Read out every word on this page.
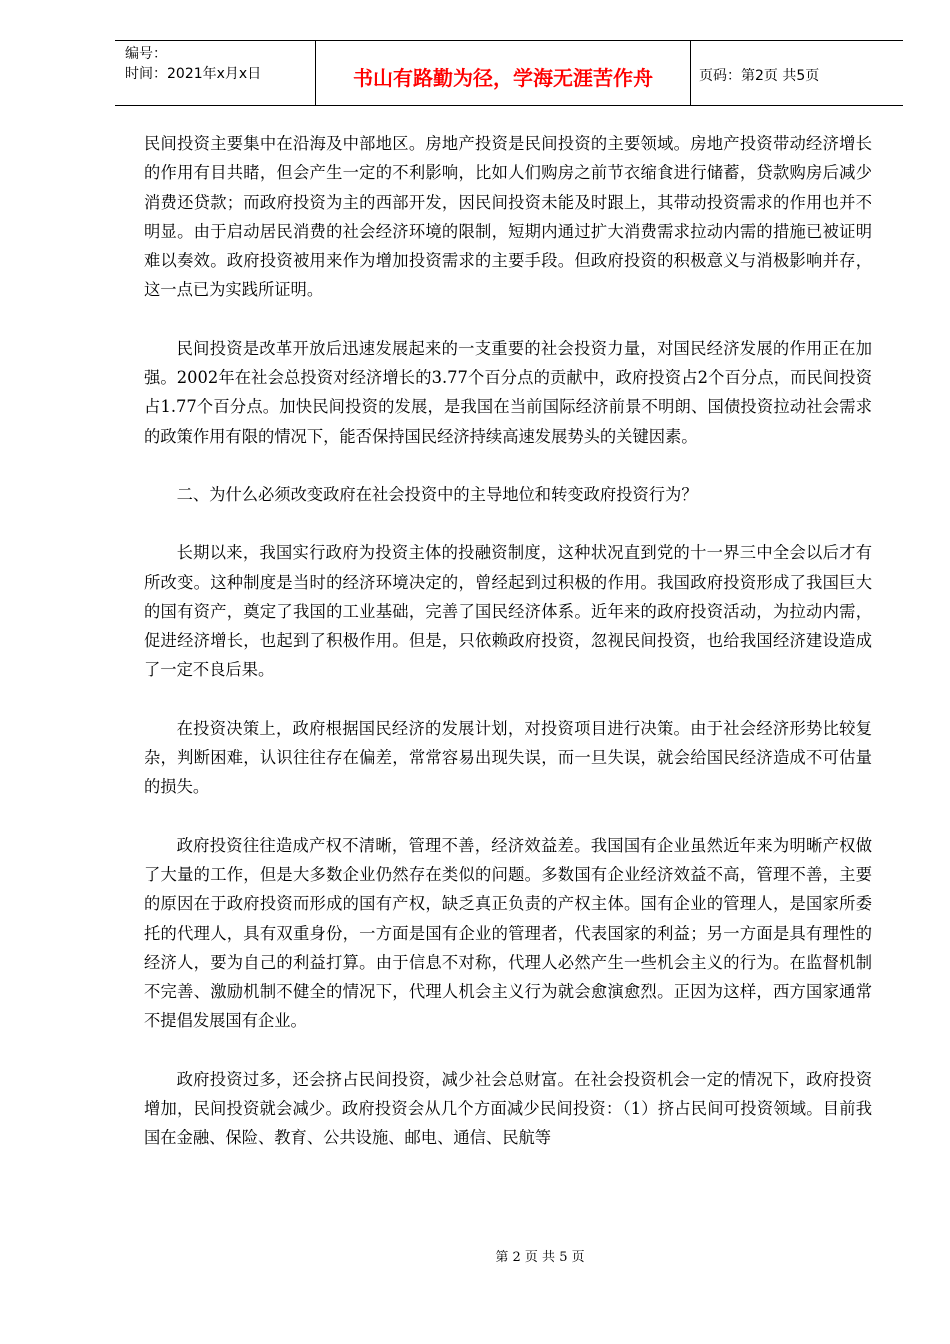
编号：
时间：2021年x月x日	书山有路勤为径，学海无涯苦作舟	页码：第2页 共5页

民间投资主要集中在沿海及中部地区。房地产投资是民间投资的主要领域。房地产投资带动经济增长的作用有目共睹，但会产生一定的不利影响，比如人们购房之前节衣缩食进行储蓄，贷款购房后减少消费还贷款；而政府投资为主的西部开发，因民间投资未能及时跟上，其带动投资需求的作用也并不明显。由于启动居民消费的社会经济环境的限制，短期内通过扩大消费需求拉动内需的措施已被证明难以奏效。政府投资被用来作为增加投资需求的主要手段。但政府投资的积极意义与消极影响并存，这一点已为实践所证明。

民间投资是改革开放后迅速发展起来的一支重要的社会投资力量，对国民经济发展的作用正在加强。2002年在社会总投资对经济增长的3.77个百分点的贡献中，政府投资占2个百分点，而民间投资占1.77个百分点。加快民间投资的发展，是我国在当前国际经济前景不明朗、国债投资拉动社会需求的政策作用有限的情况下，能否保持国民经济持续高速发展势头的关键因素。

二、为什么必须改变政府在社会投资中的主导地位和转变政府投资行为？

长期以来，我国实行政府为投资主体的投融资制度，这种状况直到党的十一界三中全会以后才有所改变。这种制度是当时的经济环境决定的，曾经起到过积极的作用。我国政府投资形成了我国巨大的国有资产，奠定了我国的工业基础，完善了国民经济体系。近年来的政府投资活动，为拉动内需，促进经济增长，也起到了积极作用。但是，只依赖政府投资，忽视民间投资，也给我国经济建设造成了一定不良后果。

在投资决策上，政府根据国民经济的发展计划，对投资项目进行决策。由于社会经济形势比较复杂，判断困难，认识往往存在偏差，常常容易出现失误，而一旦失误，就会给国民经济造成不可估量的损失。

政府投资往往造成产权不清晰，管理不善，经济效益差。我国国有企业虽然近年来为明晰产权做了大量的工作，但是大多数企业仍然存在类似的问题。多数国有企业经济效益不高，管理不善，主要的原因在于政府投资而形成的国有产权，缺乏真正负责的产权主体。国有企业的管理人，是国家所委托的代理人，具有双重身份，一方面是国有企业的管理者，代表国家的利益；另一方面是具有理性的经济人，要为自己的利益打算。由于信息不对称，代理人必然产生一些机会主义的行为。在监督机制不完善、激励机制不健全的情况下，代理人机会主义行为就会愈演愈烈。正因为这样，西方国家通常不提倡发展国有企业。

政府投资过多，还会挤占民间投资，减少社会总财富。在社会投资机会一定的情况下，政府投资增加，民间投资就会减少。政府投资会从几个方面减少民间投资：（1）挤占民间可投资领域。目前我国在金融、保险、教育、公共设施、邮电、通信、民航等

第 2 页 共 5 页
